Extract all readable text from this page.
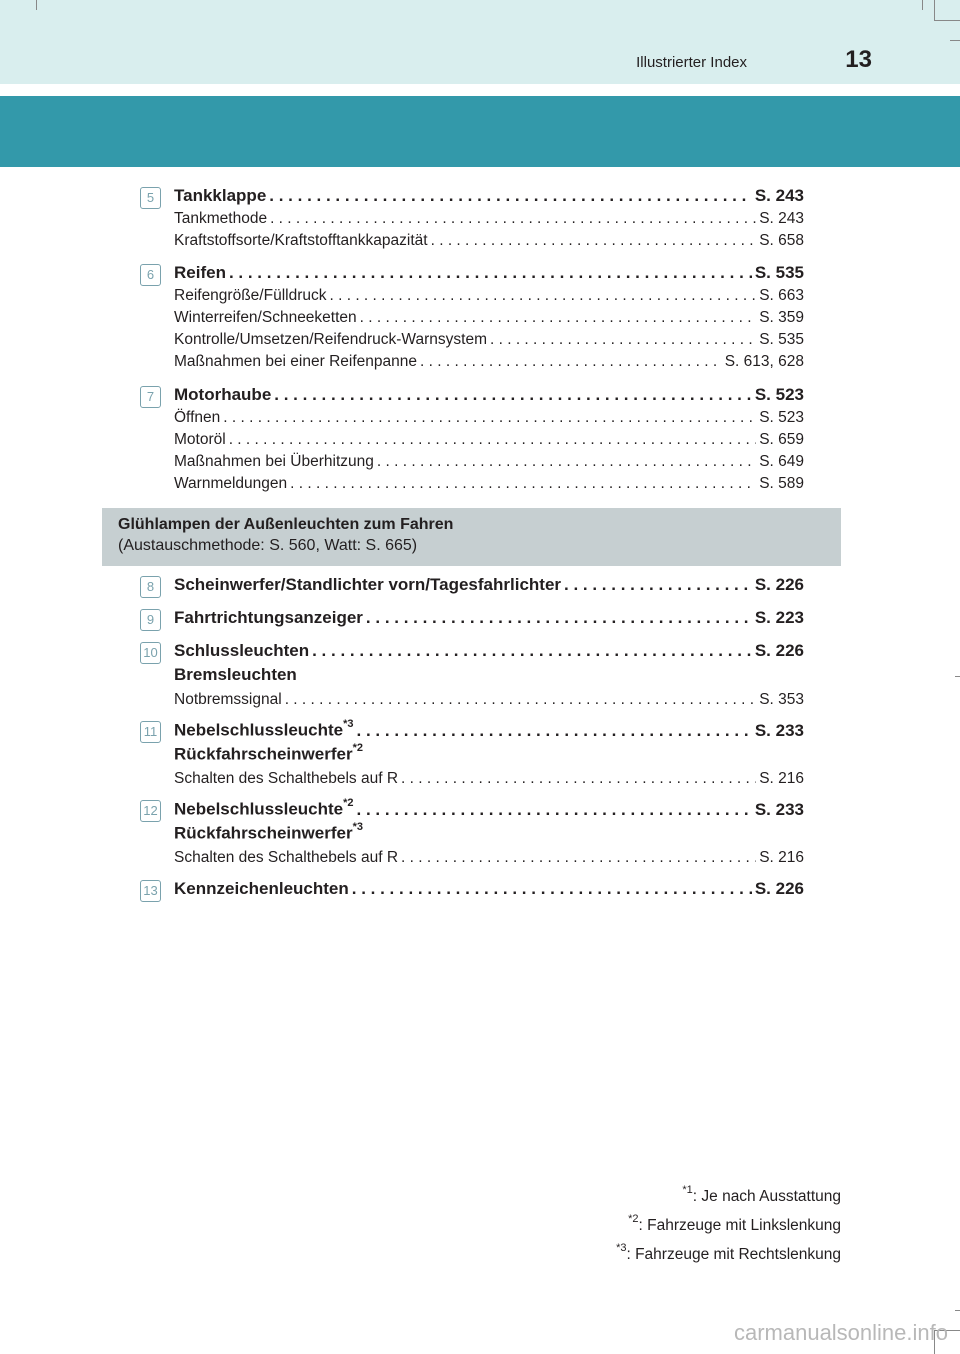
Illustrierter Index	13
5	Tankklappe . . .	S. 243
Tankmethode . . .	S. 243
Kraftstoffsorte/Kraftstofftankkapazität . . .	S. 658
6	Reifen . . .	S. 535
Reifengröße/Fülldruck . . .	S. 663
Winterreifen/Schneeketten . . .	S. 359
Kontrolle/Umsetzen/Reifendruck-Warnsystem . . .	S. 535
Maßnahmen bei einer Reifenpanne . . .	S. 613, 628
7	Motorhaube . . .	S. 523
Öffnen . . .	S. 523
Motoröl . . .	S. 659
Maßnahmen bei Überhitzung . . .	S. 649
Warnmeldungen . . .	S. 589
Glühlampen der Außenleuchten zum Fahren
(Austauschmethode: S. 560, Watt: S. 665)
8	Scheinwerfer/Standlichter vorn/Tagesfahrlichter . . .	S. 226
9	Fahrtrichtungsanzeiger . . .	S. 223
10 Schlussleuchten . . .	S. 226
Bremsleuchten
Notbremssignal . . .	S. 353
11 Nebelschlussleuchte$^{*3}$ . . .	S. 233
Rückfahrscheinwerfer$^{*2}$
Schalten des Schalthebels auf R . . .	S. 216
12 Nebelschlussleuchte$^{*2}$ . . .	S. 233
Rückfahrscheinwerfer$^{*3}$
Schalten des Schalthebels auf R . . .	S. 216
13 Kennzeichenleuchten . . .	S. 226
$^{*1}$: Je nach Ausstattung
$^{*2}$: Fahrzeuge mit Linkslenkung
$^{*3}$: Fahrzeuge mit Rechtslenkung
carmanualsonline.info
